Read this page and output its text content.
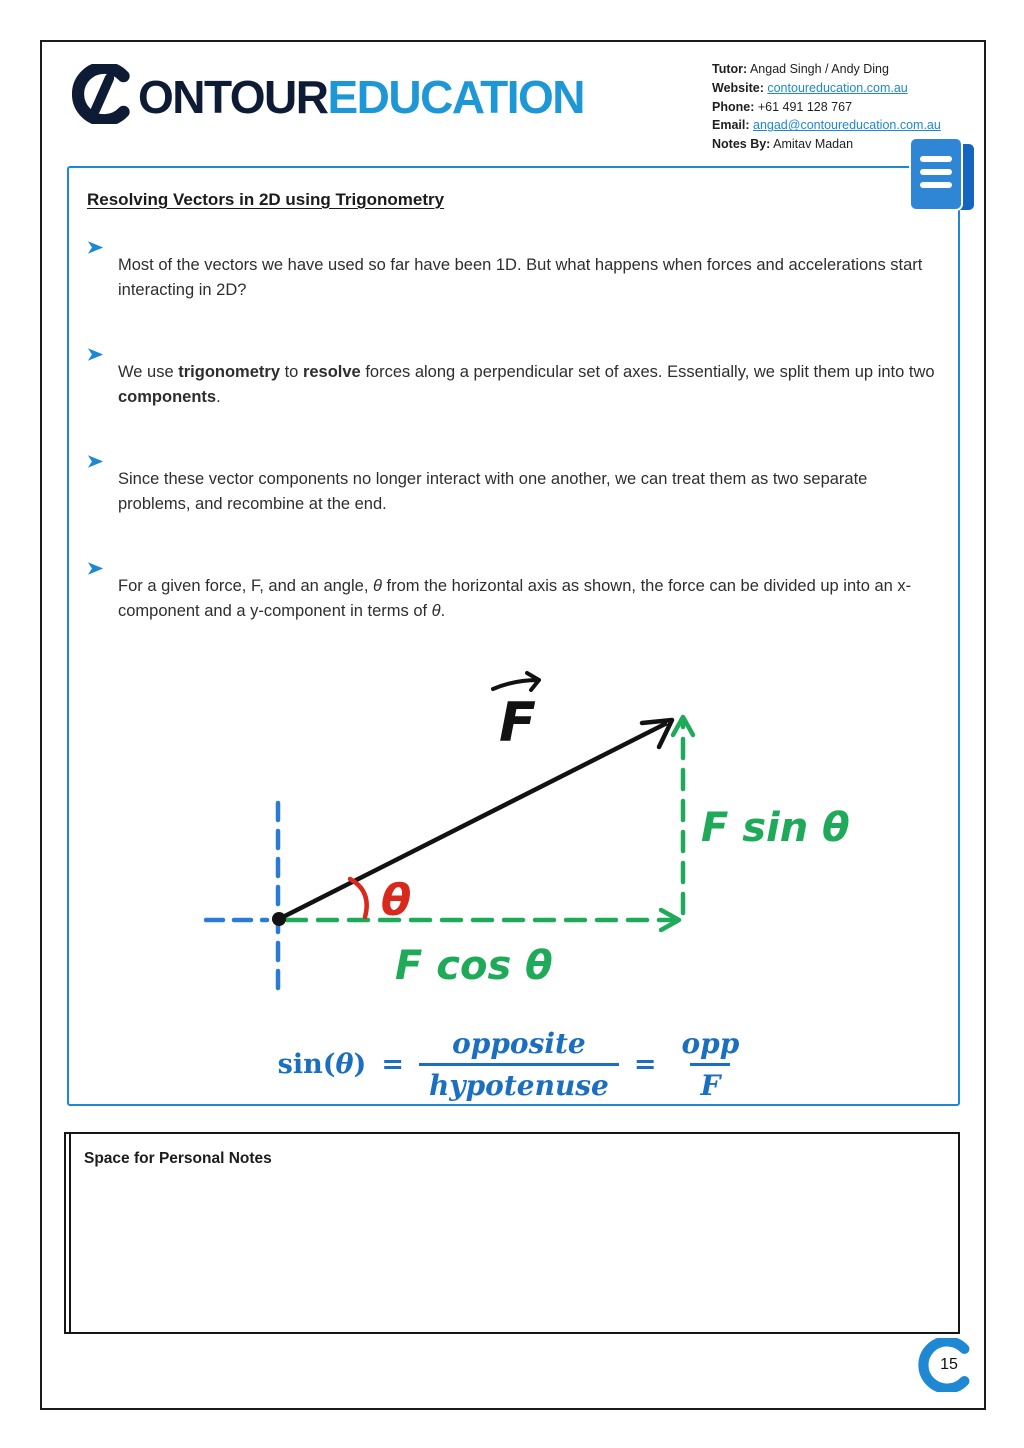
ONTOUREDUCATION
Tutor: Angad Singh / Andy Ding
Website: contoureducation.com.au
Phone: +61 491 128 767
Email: angad@contoureducation.com.au
Notes By: Amitav Madan
Resolving Vectors in 2D using Trigonometry

Most of the vectors we have used so far have been 1D. But what happens when forces and accelerations start interacting in 2D?

We use trigonometry to resolve forces along a perpendicular set of axes. Essentially, we split them up into two components.

Since these vector components no longer interact with one another, we can treat them as two separate problems, and recombine at the end.

For a given force, F, and an angle, θ from the horizontal axis as shown, the force can be divided up into an x-component and a y-component in terms of θ.

F
θ
F sin θ
F cos θ
sin ( θ ) = $\frac{\text{opposite}}{\text{hypotenuse}} = \frac{\text{opp}}{F}$
Space for Personal Notes
15
